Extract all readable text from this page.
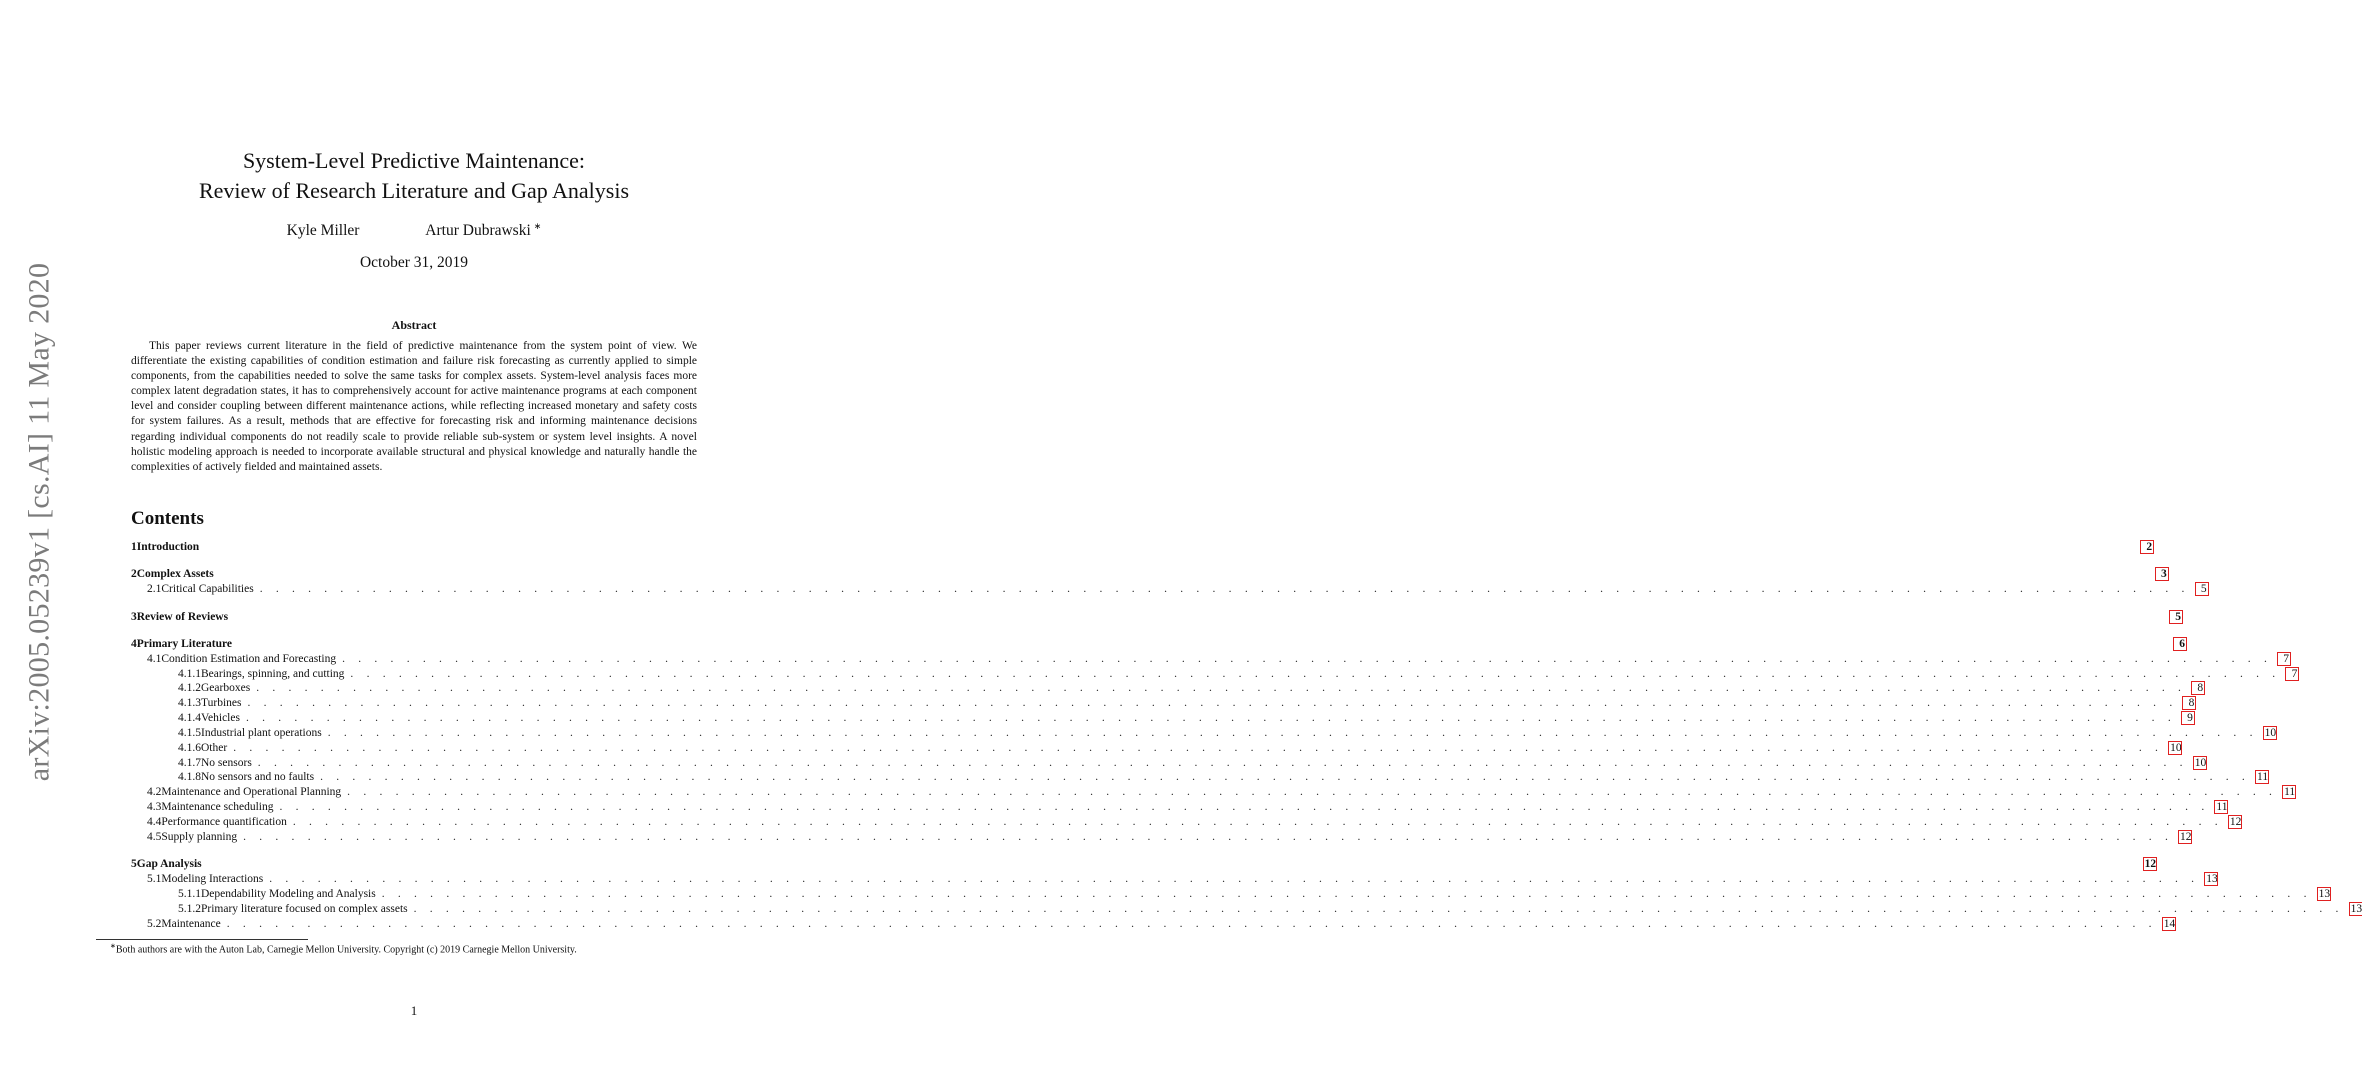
arXiv:2005.05239v1 [cs.AI] 11 May 2020
System-Level Predictive Maintenance:
Review of Research Literature and Gap Analysis
Kyle Miller	Artur Dubrawski ∗
October 31, 2019
Abstract
This paper reviews current literature in the field of predictive maintenance from the system point of view. We differentiate the existing capabilities of condition estimation and failure risk forecasting as currently applied to simple components, from the capabilities needed to solve the same tasks for complex assets. System-level analysis faces more complex latent degradation states, it has to comprehensively account for active maintenance programs at each component level and consider coupling between different maintenance actions, while reflecting increased monetary and safety costs for system failures. As a result, methods that are effective for forecasting risk and informing maintenance decisions regarding individual components do not readily scale to provide reliable sub-system or system level insights. A novel holistic modeling approach is needed to incorporate available structural and physical knowledge and naturally handle the complexities of actively fielded and maintained assets.
Contents
1 Introduction	2
2 Complex Assets	3
2.1 Critical Capabilities . . . . . . . . . . . . . . . . . . . . . . . . . . . . . . . . . . . . . . . . . . . . . . . . . . . . . . . . . . . . . . . . . . . . . . . . . . . . . . . . . . . . . . . . . . . . . . . . . . . . . . . . . . . . . . . . . . . . . . . . 5
3 Review of Reviews	5
4 Primary Literature	6
4.1 Condition Estimation and Forecasting . . . . . . . . . . . . . . . . . . . . . . . . . . . . . . . . . . . . . . . . . . . . . . . . . . . . . . . . . . . . . . . . . . . . . . . . . . . . . . . . . . . . . . . . . . . . . . . . . . . . . . . . . . . . . . . . . . . . . . . . 7
4.1.1 Bearings, spinning, and cutting . . . . . . . . . . . . . . . . . . . . . . . . . . . . . . . . . . . . . . . . . . . . . . . . . . . . . . . . . . . . . . . . . . . . . . . . . . . . . . . . . . . . . . . . . . . . . . . . . . . . . . . . . . . . . . . . . . . . . . . . 7
4.1.2 Gearboxes . . . . . . . . . . . . . . . . . . . . . . . . . . . . . . . . . . . . . . . . . . . . . . . . . . . . . . . . . . . . . . . . . . . . . . . . . . . . . . . . . . . . . . . . . . . . . . . . . . . . . . . . . . . . . . . . . . . . . . . . 8
4.1.3 Turbines . . . . . . . . . . . . . . . . . . . . . . . . . . . . . . . . . . . . . . . . . . . . . . . . . . . . . . . . . . . . . . . . . . . . . . . . . . . . . . . . . . . . . . . . . . . . . . . . . . . . . . . . . . . . . . . . . . . . . . . . 8
4.1.4 Vehicles . . . . . . . . . . . . . . . . . . . . . . . . . . . . . . . . . . . . . . . . . . . . . . . . . . . . . . . . . . . . . . . . . . . . . . . . . . . . . . . . . . . . . . . . . . . . . . . . . . . . . . . . . . . . . . . . . . . . . . . . 9
4.1.5 Industrial plant operations . . . . . . . . . . . . . . . . . . . . . . . . . . . . . . . . . . . . . . . . . . . . . . . . . . . . . . . . . . . . . . . . . . . . . . . . . . . . . . . . . . . . . . . . . . . . . . . . . . . . . . . . . . . . . . . . . . . . . . . . 10
4.1.6 Other . . . . . . . . . . . . . . . . . . . . . . . . . . . . . . . . . . . . . . . . . . . . . . . . . . . . . . . . . . . . . . . . . . . . . . . . . . . . . . . . . . . . . . . . . . . . . . . . . . . . . . . . . . . . . . . . . . . . . . . . 10
4.1.7 No sensors . . . . . . . . . . . . . . . . . . . . . . . . . . . . . . . . . . . . . . . . . . . . . . . . . . . . . . . . . . . . . . . . . . . . . . . . . . . . . . . . . . . . . . . . . . . . . . . . . . . . . . . . . . . . . . . . . . . . . . . . 10
4.1.8 No sensors and no faults . . . . . . . . . . . . . . . . . . . . . . . . . . . . . . . . . . . . . . . . . . . . . . . . . . . . . . . . . . . . . . . . . . . . . . . . . . . . . . . . . . . . . . . . . . . . . . . . . . . . . . . . . . . . . . . . . . . . . . . . 11
4.2 Maintenance and Operational Planning . . . . . . . . . . . . . . . . . . . . . . . . . . . . . . . . . . . . . . . . . . . . . . . . . . . . . . . . . . . . . . . . . . . . . . . . . . . . . . . . . . . . . . . . . . . . . . . . . . . . . . . . . . . . . . . . . . . . . . . . 11
4.3 Maintenance scheduling . . . . . . . . . . . . . . . . . . . . . . . . . . . . . . . . . . . . . . . . . . . . . . . . . . . . . . . . . . . . . . . . . . . . . . . . . . . . . . . . . . . . . . . . . . . . . . . . . . . . . . . . . . . . . . . . . . . . . . . . 11
4.4 Performance quantification . . . . . . . . . . . . . . . . . . . . . . . . . . . . . . . . . . . . . . . . . . . . . . . . . . . . . . . . . . . . . . . . . . . . . . . . . . . . . . . . . . . . . . . . . . . . . . . . . . . . . . . . . . . . . . . . . . . . . . . . 12
4.5 Supply planning . . . . . . . . . . . . . . . . . . . . . . . . . . . . . . . . . . . . . . . . . . . . . . . . . . . . . . . . . . . . . . . . . . . . . . . . . . . . . . . . . . . . . . . . . . . . . . . . . . . . . . . . . . . . . . . . . . . . . . . . 12
5 Gap Analysis	12
5.1 Modeling Interactions . . . . . . . . . . . . . . . . . . . . . . . . . . . . . . . . . . . . . . . . . . . . . . . . . . . . . . . . . . . . . . . . . . . . . . . . . . . . . . . . . . . . . . . . . . . . . . . . . . . . . . . . . . . . . . . . . . . . . . . . 13
5.1.1 Dependability Modeling and Analysis . . . . . . . . . . . . . . . . . . . . . . . . . . . . . . . . . . . . . . . . . . . . . . . . . . . . . . . . . . . . . . . . . . . . . . . . . . . . . . . . . . . . . . . . . . . . . . . . . . . . . . . . . . . . . . . . . . . . . . . . 13
5.1.2 Primary literature focused on complex assets . . . . . . . . . . . . . . . . . . . . . . . . . . . . . . . . . . . . . . . . . . . . . . . . . . . . . . . . . . . . . . . . . . . . . . . . . . . . . . . . . . . . . . . . . . . . . . . . . . . . . . . . . . . . . . . . . . . . . . . . 13
5.2 Maintenance . . . . . . . . . . . . . . . . . . . . . . . . . . . . . . . . . . . . . . . . . . . . . . . . . . . . . . . . . . . . . . . . . . . . . . . . . . . . . . . . . . . . . . . . . . . . . . . . . . . . . . . . . . . . . . . . . . . . . . . . 14
∗Both authors are with the Auton Lab, Carnegie Mellon University. Copyright (c) 2019 Carnegie Mellon University.
1
